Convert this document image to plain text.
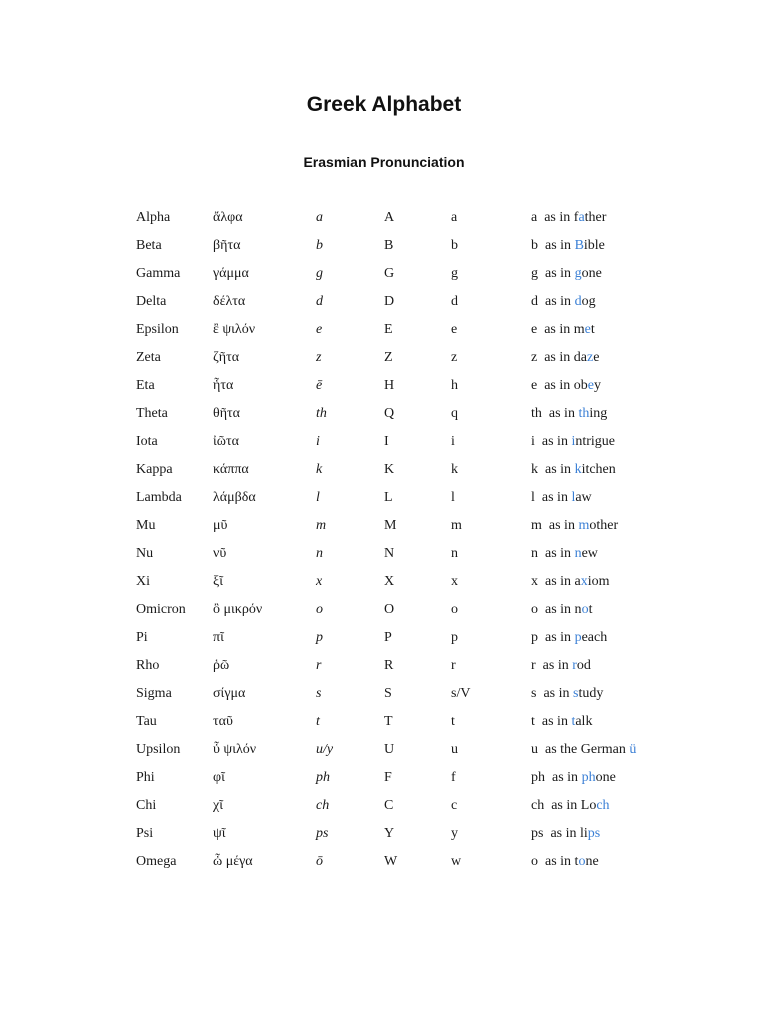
Greek Alphabet
Erasmian Pronunciation
Alpha	ἄλφα	a	A	a	a as in father
Beta	βῆτα	b	B	b	b as in Bible
Gamma γάμμα	g	G	g	g as in gone
Delta	δέλτα	d	D	d	d as in dog
Epsilon ἒ ψιλόν	e	E	e	e as in met
Zeta	ζῆτα	z	Z	z	z as in daze
Eta	ἦτα	ē	H	h	e as in obey
Theta	θῆτα	th	Q	q	th as in thing
Iota	ἰῶτα	i	I	i	i as in intrigue
Kappa	κάππα	k	K	k	k as in kitchen
Lambda λάμβδα	l	L	l	l as in law
Mu	μῦ	m	M	m	m as in mother
Nu	νῦ	n	N	n	n as in new
Xi	ξῖ	x	X	x	x as in axiom
Omicron ὂ μικρόν	o	O	o	o as in not
Pi	πῖ	p	P	p	p as in peach
Rho	ῥῶ	r	R	r	r as in rod
Sigma	σίγμα	s	S	s/V	s as in study
Tau	ταῦ	t	T	t	t as in talk
Upsilon ὖ ψιλόν	u/y	U	u	u as the German ü
Phi	φῖ	ph	F	f	ph as in phone
Chi	χῖ	ch	C	c	ch as in Loch
Psi	ψῖ	ps	Y	y	ps as in lips
Omega	ὦ μέγα	ō	W	w	o as in tone
